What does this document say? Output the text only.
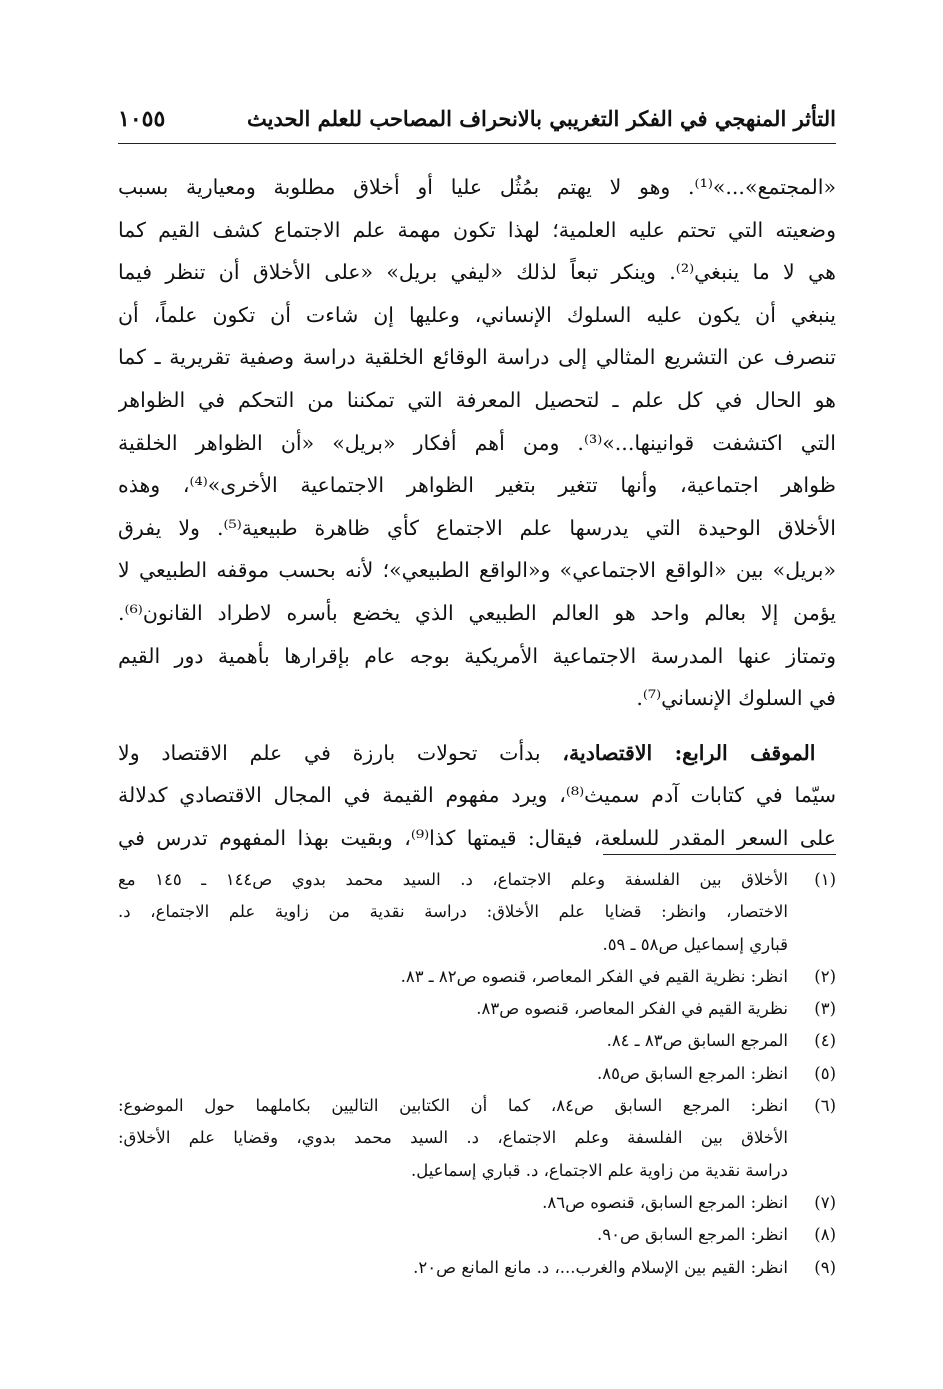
التأثر المنهجي في الفكر التغريبي بالانحراف المصاحب للعلم الحديث
١٠٥٥
«المجتمع»...»⁽¹⁾. وهو لا يهتم بمُثُل عليا أو أخلاق مطلوبة ومعيارية بسبب
وضعيته التي تحتم عليه العلمية؛ لهذا تكون مهمة علم الاجتماع كشف القيم كما
هي لا ما ينبغي⁽²⁾. وينكر تبعاً لذلك «ليفي بريل» «على الأخلاق أن تنظر فيما
ينبغي أن يكون عليه السلوك الإنساني، وعليها إن شاءت أن تكون علماً، أن
تنصرف عن التشريع المثالي إلى دراسة الوقائع الخلقية دراسة وصفية تقريرية ـ كما
هو الحال في كل علم ـ لتحصيل المعرفة التي تمكننا من التحكم في الظواهر
التي اكتشفت قوانينها...»⁽³⁾. ومن أهم أفكار «بريل» «أن الظواهر الخلقية
ظواهر اجتماعية، وأنها تتغير بتغير الظواهر الاجتماعية الأخرى»⁽⁴⁾، وهذه
الأخلاق الوحيدة التي يدرسها علم الاجتماع كأي ظاهرة طبيعية⁽⁵⁾. ولا يفرق
«بريل» بين «الواقع الاجتماعي» و«الواقع الطبيعي»؛ لأنه بحسب موقفه الطبيعي لا
يؤمن إلا بعالم واحد هو العالم الطبيعي الذي يخضع بأسره لاطراد القانون⁽⁶⁾.
وتمتاز عنها المدرسة الاجتماعية الأمريكية بوجه عام بإقرارها بأهمية دور القيم
في السلوك الإنساني⁽⁷⁾.
 الموقف الرابع: الاقتصادية، بدأت تحولات بارزة في علم الاقتصاد ولا
سيّما في كتابات آدم سميث⁽⁸⁾، ويرد مفهوم القيمة في المجال الاقتصادي كدلالة
على السعر المقدر للسلعة، فيقال: قيمتها كذا⁽⁹⁾، وبقيت بهذا المفهوم تدرس في
(١)
الأخلاق بين الفلسفة وعلم الاجتماع، د. السيد محمد بدوي ص١٤٤ ـ ١٤٥ مع
الاختصار، وانظر: قضايا علم الأخلاق: دراسة نقدية من زاوية علم الاجتماع، د.
قباري إسماعيل ص٥٨ ـ ٥٩.
(٢)
انظر: نظرية القيم في الفكر المعاصر، قنصوه ص٨٢ ـ ٨٣.
(٣)
نظرية القيم في الفكر المعاصر، قنصوه ص٨٣.
(٤)
المرجع السابق ص٨٣ ـ ٨٤.
(٥)
انظر: المرجع السابق ص٨٥.
(٦)
انظر: المرجع السابق ص٨٤، كما أن الكتابين التاليين بكاملهما حول الموضوع:
الأخلاق بين الفلسفة وعلم الاجتماع، د. السيد محمد بدوي، وقضايا علم الأخلاق:
دراسة نقدية من زاوية علم الاجتماع، د. قباري إسماعيل.
(٧)
انظر: المرجع السابق، قنصوه ص٨٦.
(٨)
انظر: المرجع السابق ص٩٠.
(٩)
انظر: القيم بين الإسلام والغرب...، د. مانع المانع ص٢٠.
